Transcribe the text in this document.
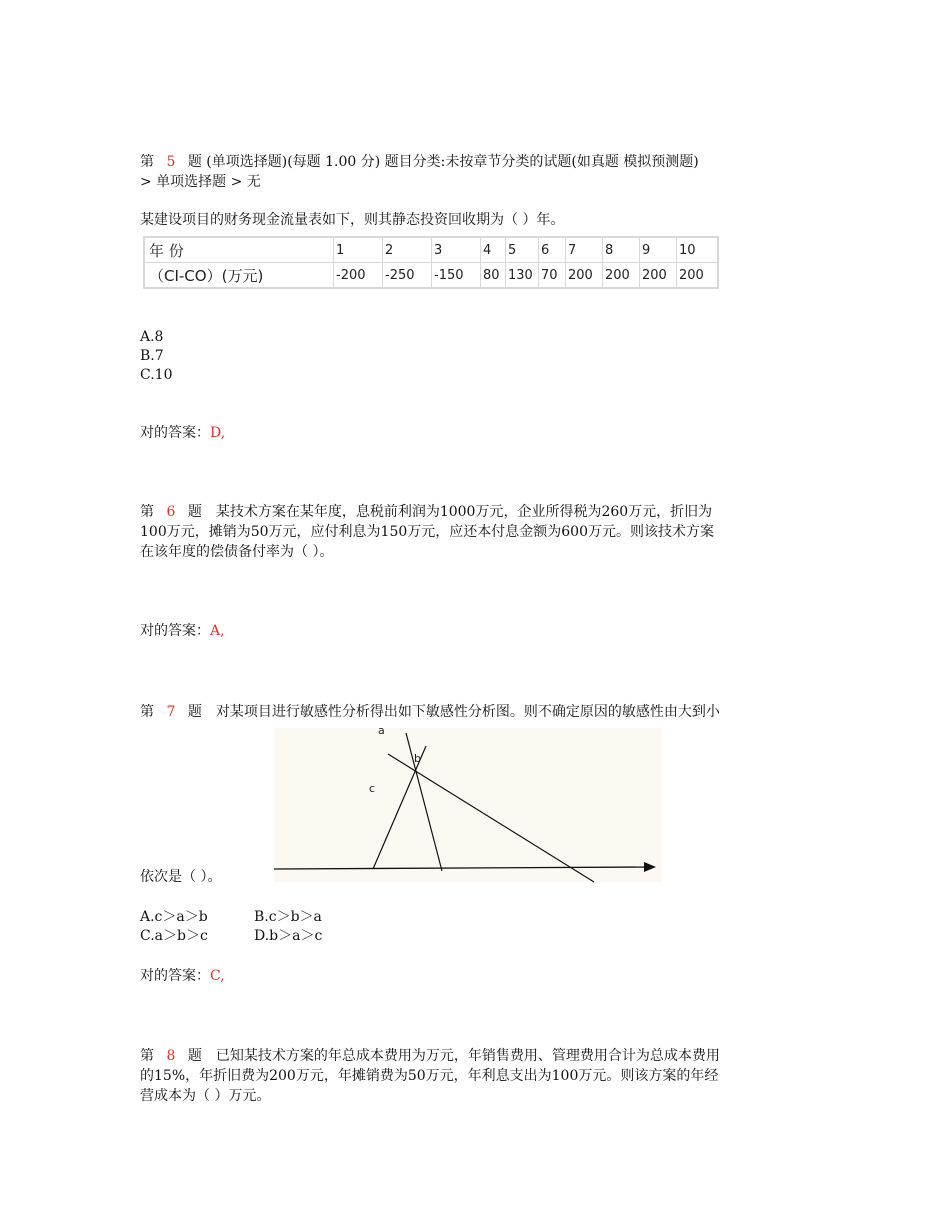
第 5 题 (单项选择题)(每题 1.00 分) 题目分类:未按章节分类的试题(如真题 模拟预测题)
> 单项选择题 > 无
某建设项目的财务现金流量表如下，则其静态投资回收期为（ ）年。
年 份	1	2	3	4	5	6	7	8	9	10
（CI-CO）(万元)	-200	-250	-150	80	130	70	200	200	200	200
A.8
B.7
C.10
对的答案：D,
第 6 题 某技术方案在某年度，息税前利润为1000万元，企业所得税为260万元，折旧为
100万元，摊销为50万元，应付利息为150万元，应还本付息金额为600万元。则该技术方案
在该年度的偿债备付率为（ ）。
对的答案：A,
第 7 题 对某项目进行敏感性分析得出如下敏感性分析图。则不确定原因的敏感性由大到小
a
b
c
依次是（ ）。
A.c＞a＞b	B.c＞b＞a
C.a＞b＞c	D.b＞a＞c
对的答案：C,
第 8 题 已知某技术方案的年总成本费用为万元，年销售费用、管理费用合计为总成本费用
的15%，年折旧费为200万元，年摊销费为50万元，年利息支出为100万元。则该方案的年经
营成本为（ ）万元。
